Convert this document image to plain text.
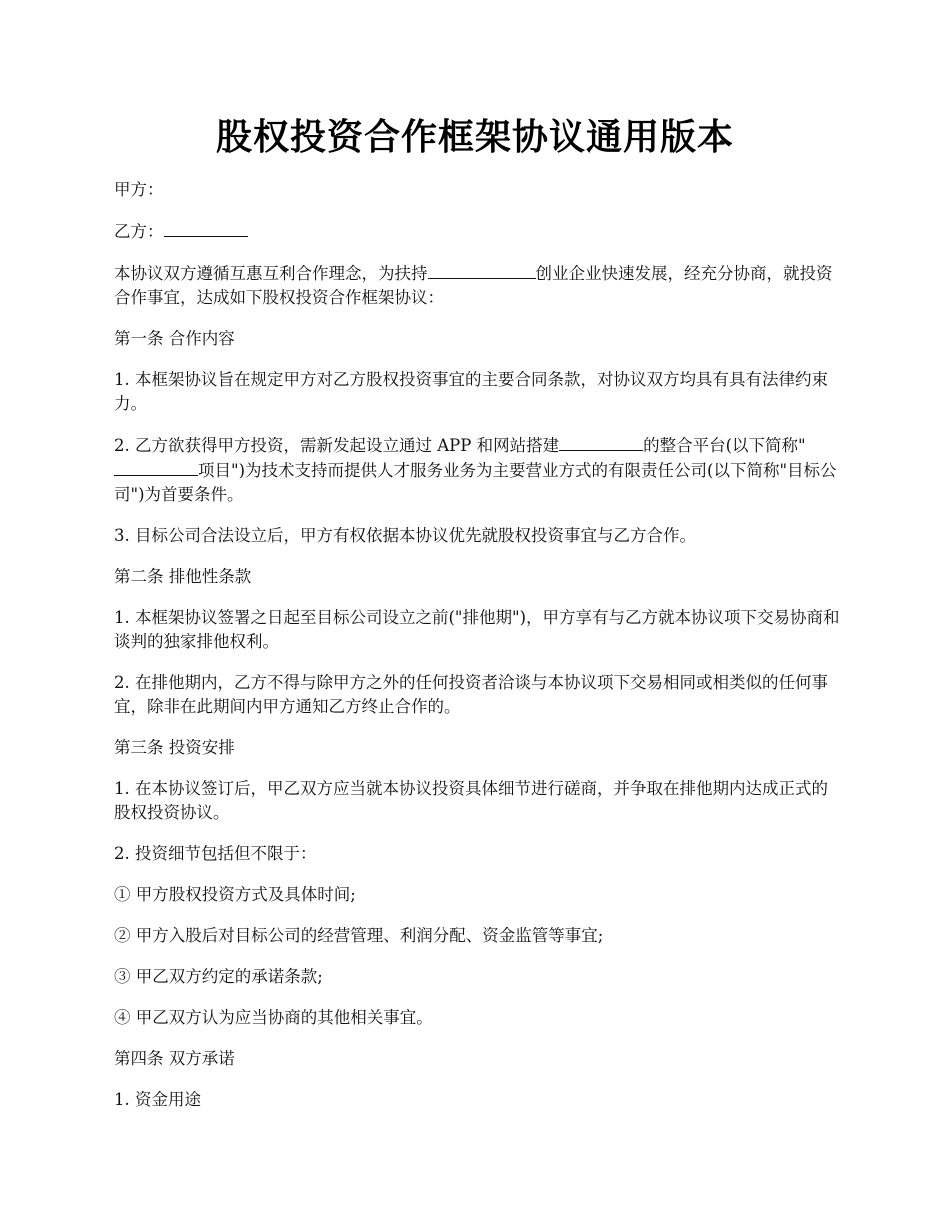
股权投资合作框架协议通用版本

甲方：

乙方：

本协议双方遵循互惠互利合作理念，为扶持	创业企业快速发展，经充分协商，就投资合作事宜，达成如下股权投资合作框架协议：

第一条 合作内容

1. 本框架协议旨在规定甲方对乙方股权投资事宜的主要合同条款，对协议双方均具有具有法律约束力。

2. 乙方欲获得甲方投资，需新发起设立通过 APP 和网站搭建	的整合平台(以下简称"项目")为技术支持而提供人才服务业务为主要营业方式的有限责任公司(以下简称"目标公司")为首要条件。

3. 目标公司合法设立后，甲方有权依据本协议优先就股权投资事宜与乙方合作。

第二条 排他性条款

1. 本框架协议签署之日起至目标公司设立之前("排他期")，甲方享有与乙方就本协议项下交易协商和谈判的独家排他权利。

2. 在排他期内，乙方不得与除甲方之外的任何投资者洽谈与本协议项下交易相同或相类似的任何事宜，除非在此期间内甲方通知乙方终止合作的。

第三条 投资安排

1. 在本协议签订后，甲乙双方应当就本协议投资具体细节进行磋商，并争取在排他期内达成正式的股权投资协议。

2. 投资细节包括但不限于：

① 甲方股权投资方式及具体时间;

② 甲方入股后对目标公司的经营管理、利润分配、资金监管等事宜;

③ 甲乙双方约定的承诺条款;

④ 甲乙双方认为应当协商的其他相关事宜。

第四条 双方承诺

1. 资金用途
